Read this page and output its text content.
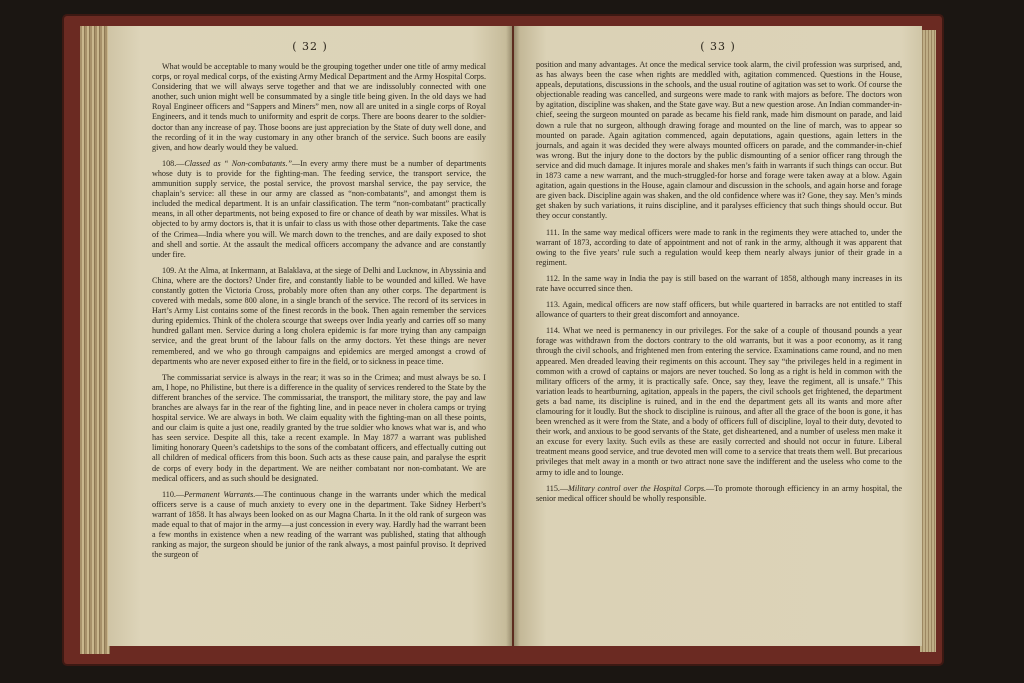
( 32 )

What would be acceptable to many would be the grouping together under one title of army medical corps, or royal medical corps, of the existing Army Medical Department and the Army Hospital Corps. Considering that we will always serve together and that we are indissolubly connected with one another, such union might well be consummated by a single title being given. In the old days we had Royal Engineer officers and “Sappers and Miners” men, now all are united in a single corps of Royal Engineers, and it tends much to uniformity and esprit de corps. There are boons dearer to the soldier-doctor than any increase of pay. Those boons are just appreciation by the State of duty well done, and the recording of it in the way customary in any other branch of the service. Such boons are easily given, and how dearly would they be valued.

108.—Classed as “ Non-combatants.”—In every army there must be a number of departments whose duty is to provide for the fighting-man. The feeding service, the transport service, the ammunition supply service, the postal service, the provost marshal service, the pay service, the chaplain’s service: all these in our army are classed as “non-combatants”, and amongst them is included the medical department. It is an unfair classification. The term “non-combatant” practically means, in all other departments, not being exposed to fire or chance of death by war missiles. What is objected to by army doctors is, that it is unfair to class us with those other departments. Take the case of the Crimea—India where you will. We march down to the trenches, and are daily exposed to shot and shell and sortie. At the assault the medical officers accompany the advance and are constantly under fire.

109. At the Alma, at Inkermann, at Balaklava, at the siege of Delhi and Lucknow, in Abyssinia and China, where are the doctors? Under fire, and constantly liable to be wounded and killed. We have constantly gotten the Victoria Cross, probably more often than any other corps. The department is covered with medals, some 800 alone, in a single branch of the service. The record of its services in Hart’s Army List contains some of the finest records in the book. Then again remember the services during epidemics. Think of the cholera scourge that sweeps over India yearly and carries off so many hundred gallant men. Service during a long cholera epidemic is far more trying than any campaign service, and the great brunt of the labour falls on the army doctors. Yet these things are never remembered, and we who go through campaigns and epidemics are merged amongst a crowd of departments who are never exposed either to fire in the field, or to sickness in peace time.

The commissariat service is always in the rear; it was so in the Crimea; and must always be so. I am, I hope, no Philistine, but there is a difference in the quality of services rendered to the State by the different branches of the service. The commissariat, the transport, the military store, the pay and law branches are always far in the rear of the fighting line, and in peace never in cholera camps or trying hospital service. We are always in both. We claim equality with the fighting-man on all these points, and our claim is quite a just one, readily granted by the true soldier who knows what war is, and who has seen service. Despite all this, take a recent example. In May 1877 a warrant was published limiting honorary Queen’s cadetships to the sons of the combatant officers, and effectually cutting out all children of medical officers from this boon. Such acts as these cause pain, and paralyse the esprit de corps of every body in the department. We are neither combatant nor non-combatant. We are medical officers, and as such should be designated.

110.—Permanent Warrants.—The continuous change in the warrants under which the medical officers serve is a cause of much anxiety to every one in the department. Take Sidney Herbert’s warrant of 1858. It has always been looked on as our Magna Charta. In it the old rank of surgeon was made equal to that of major in the army—a just concession in every way. Hardly had the warrant been a few months in existence when a new reading of the warrant was published, stating that although ranking as major, the surgeon should be junior of the rank always, a most painful proviso. It deprived the surgeon of

( 33 )

position and many advantages. At once the medical service took alarm, the civil profession was surprised, and, as has always been the case when rights are meddled with, agitation commenced. Questions in the House, appeals, deputations, discussions in the schools, and the usual routine of agitation was set to work. Of course the objectionable reading was cancelled, and surgeons were made to rank with majors as before. The doctors won by agitation, discipline was shaken, and the State gave way. But a new question arose. An Indian commander-in-chief, seeing the surgeon mounted on parade as became his field rank, made him dismount on parade, and laid down a rule that no surgeon, although drawing forage and mounted on the line of march, was to appear so mounted on parade. Again agitation commenced, again deputations, again questions, again letters in the journals, and again it was decided they were always mounted officers on parade, and the commander-in-chief was wrong. But the injury done to the doctors by the public dismounting of a senior officer rang through the service and did much damage. It injures morale and shakes men’s faith in warrants if such things can occur. But in 1873 came a new warrant, and the much-struggled-for horse and forage were taken away at a blow. Again agitation, again questions in the House, again clamour and discussion in the schools, and again horse and forage are given back. Discipline again was shaken, and the old confidence where was it? Gone, they say. Men’s minds get shaken by such variations, it ruins discipline, and it paralyses efficiency that such things should occur. But they occur constantly.

111. In the same way medical officers were made to rank in the regiments they were attached to, under the warrant of 1873, according to date of appointment and not of rank in the army, although it was apparent that owing to the five years’ rule such a regulation would keep them nearly always junior of their grade in a regiment.

112. In the same way in India the pay is still based on the warrant of 1858, although many increases in its rate have occurred since then.

113. Again, medical officers are now staff officers, but while quartered in barracks are not entitled to staff allowance of quarters to their great discomfort and annoyance.

114. What we need is permanency in our privileges. For the sake of a couple of thousand pounds a year forage was withdrawn from the doctors contrary to the old warrants, but it was a poor economy, as it rang through the civil schools, and frightened men from entering the service. Examinations came round, and no men appeared. Men dreaded leaving their regiments on this account. They say “the privileges held in a regiment in common with a crowd of captains or majors are never touched. So long as a right is held in common with the military officers of the army, it is practically safe. Once, say they, leave the regiment, all is unsafe.” This variation leads to heartburning, agitation, appeals in the papers, the civil schools get frightened, the department gets a bad name, its discipline is ruined, and in the end the department gets all its wants and more after clamouring for it loudly. But the shock to discipline is ruinous, and after all the grace of the boon is gone, it has been wrenched as it were from the State, and a body of officers full of discipline, loyal to their duty, devoted to their work, and anxious to be good servants of the State, get disheartened, and a number of useless men make it an excuse for every laxity. Such evils as these are easily corrected and should not occur in future. Liberal treatment means good service, and true devoted men will come to a service that treats them well. But precarious privileges that melt away in a month or two attract none save the indifferent and the useless who come to the army to idle and to lounge.

115.—Military control over the Hospital Corps.—To promote thorough efficiency in an army hospital, the senior medical officer should be wholly responsible.
